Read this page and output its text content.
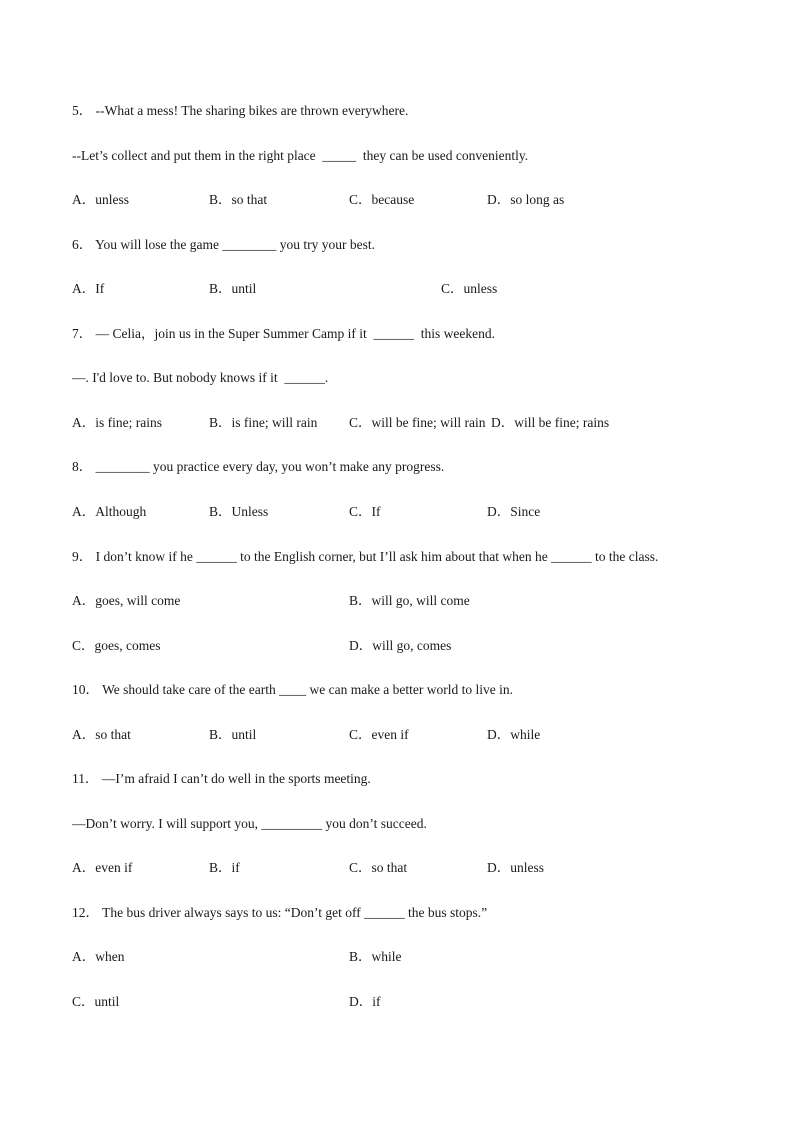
5． --What a mess! The sharing bikes are thrown everywhere.
--Let’s collect and put them in the right place  _____  they can be used conveniently.
A．unless	B．so that	C．because	D．so long as
6． You will lose the game ________ you try your best.
A．If	B．until	C．unless
7． — Celia，join us in the Super Summer Camp if it  ______  this weekend.
—. I'd love to. But nobody knows if it  ______.
A．is fine; rains	B．is fine; will rain C．will be fine; will rain D．will be fine; rains
8． ________ you practice every day, you won’t make any progress.
A．Although	B．Unless	C．If	D．Since
9． I don’t know if he ______ to the English corner, but I’ll ask him about that when he ______ to the class.
A．goes, will come	B．will go, will come
C．goes, comes	D．will go, comes
10． We should take care of the earth ____ we can make a better world to live in.
A．so that	B．until	C．even if	D．while
11． —I’m afraid I can’t do well in the sports meeting.
—Don’t worry. I will support you, _________ you don’t succeed.
A．even if	B．if	C．so that	D．unless
12． The bus driver always says to us: “Don’t get off ______ the bus stops.”
A．when	B．while
C．until	D．if
